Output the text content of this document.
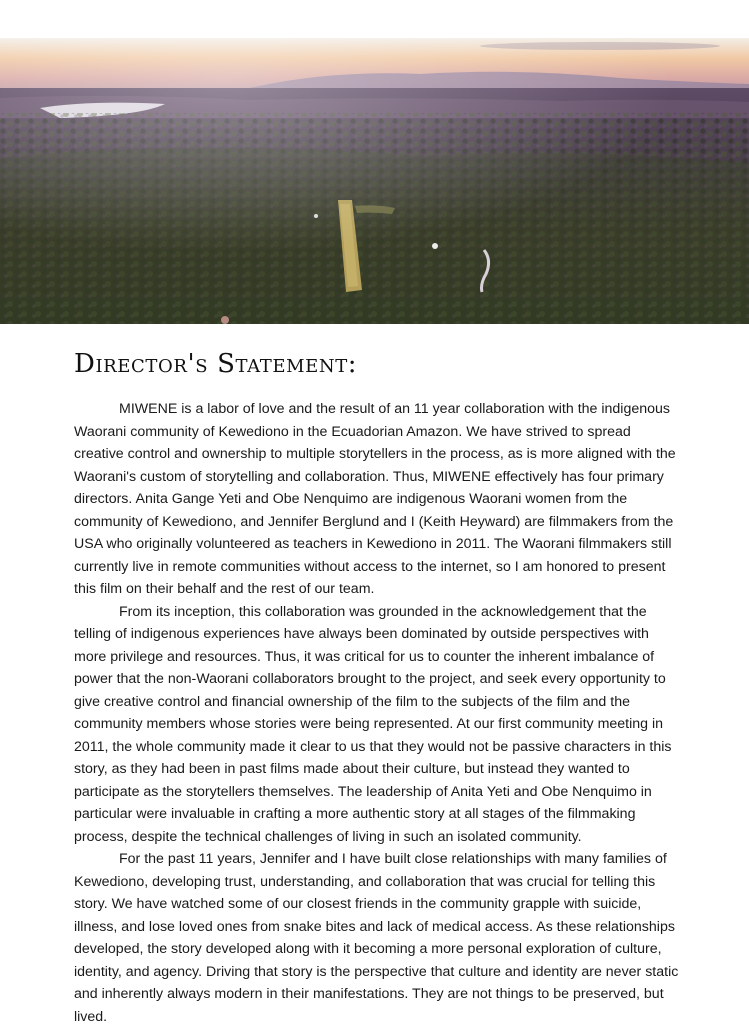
Director's Statement:

MIWENE is a labor of love and the result of an 11 year collaboration with the indigenous Waorani community of Kewediono in the Ecuadorian Amazon. We have strived to spread creative control and ownership to multiple storytellers in the process, as is more aligned with the Waorani's custom of storytelling and collaboration. Thus, MIWENE effectively has four primary directors. Anita Gange Yeti and Obe Nenquimo are indigenous Waorani women from the community of Kewediono, and Jennifer Berglund and I (Keith Heyward) are filmmakers from the USA who originally volunteered as teachers in Kewediono in 2011. The Waorani filmmakers still currently live in remote communities without access to the internet, so I am honored to present this film on their behalf and the rest of our team.

From its inception, this collaboration was grounded in the acknowledgement that the telling of indigenous experiences have always been dominated by outside perspectives with more privilege and resources. Thus, it was critical for us to counter the inherent imbalance of power that the non-Waorani collaborators brought to the project, and seek every opportunity to give creative control and financial ownership of the film to the subjects of the film and the community members whose stories were being represented. At our first community meeting in 2011, the whole community made it clear to us that they would not be passive characters in this story, as they had been in past films made about their culture, but instead they wanted to participate as the storytellers themselves. The leadership of Anita Yeti and Obe Nenquimo in particular were invaluable in crafting a more authentic story at all stages of the filmmaking process, despite the technical challenges of living in such an isolated community.

For the past 11 years, Jennifer and I have built close relationships with many families of Kewediono, developing trust, understanding, and collaboration that was crucial for telling this story. We have watched some of our closest friends in the community grapple with suicide, illness, and lose loved ones from snake bites and lack of medical access. As these relationships developed, the story developed along with it becoming a more personal exploration of culture, identity, and agency. Driving that story is the perspective that culture and identity are never static and inherently always modern in their manifestations. They are not things to be preserved, but lived.
